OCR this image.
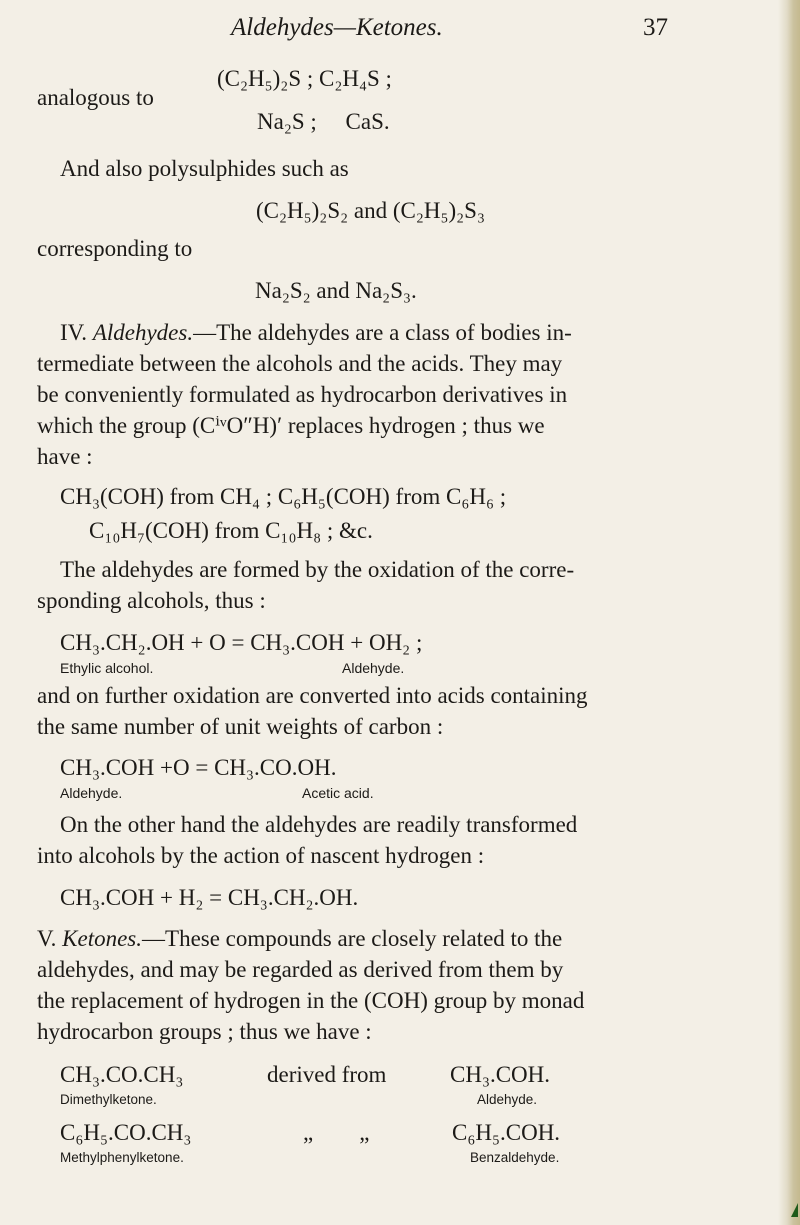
Aldehydes—Ketones.	37
(C₂H₅)₂S ; C₂H₄S ;
analogous to
Na₂S ;  CaS.
And also polysulphides such as
(C₂H₅)₂S₂ and (C₂H₅)₂S₃
corresponding to
Na₂S₂ and Na₂S₃.
IV. Aldehydes.—The aldehydes are a class of bodies in-
termediate between the alcohols and the acids. They may
be conveniently formulated as hydrocarbon derivatives in
which the group (CⁱᵛO″H)′ replaces hydrogen ; thus we
have :
CH₃(COH) from CH₄ ; C₆H₅(COH) from C₆H₆ ;
C₁₀H₇(COH) from C₁₀H₈ ; &c.
The aldehydes are formed by the oxidation of the corre-
sponding alcohols, thus :
CH₃.CH₂.OH + O = CH₃.COH + OH₂ ;
Ethylic alcohol.	Aldehyde.
and on further oxidation are converted into acids containing
the same number of unit weights of carbon :
CH₃.COH +O = CH₃.CO.OH.
Aldehyde.	Acetic acid.
On the other hand the aldehydes are readily transformed
into alcohols by the action of nascent hydrogen :
CH₃.COH + H₂ = CH₃.CH₂.OH.
V. Ketones.—These compounds are closely related to the
aldehydes, and may be regarded as derived from them by
the replacement of hydrogen in the (COH) group by monad
hydrocarbon groups ; thus we have :
CH₃.CO.CH₃	derived from	CH₃.COH.
Dimethylketone.	Aldehyde.
C₆H₅.CO.CH₃	„  „	C₆H₅.COH.
Methylphenylketone.	Benzaldehyde.
